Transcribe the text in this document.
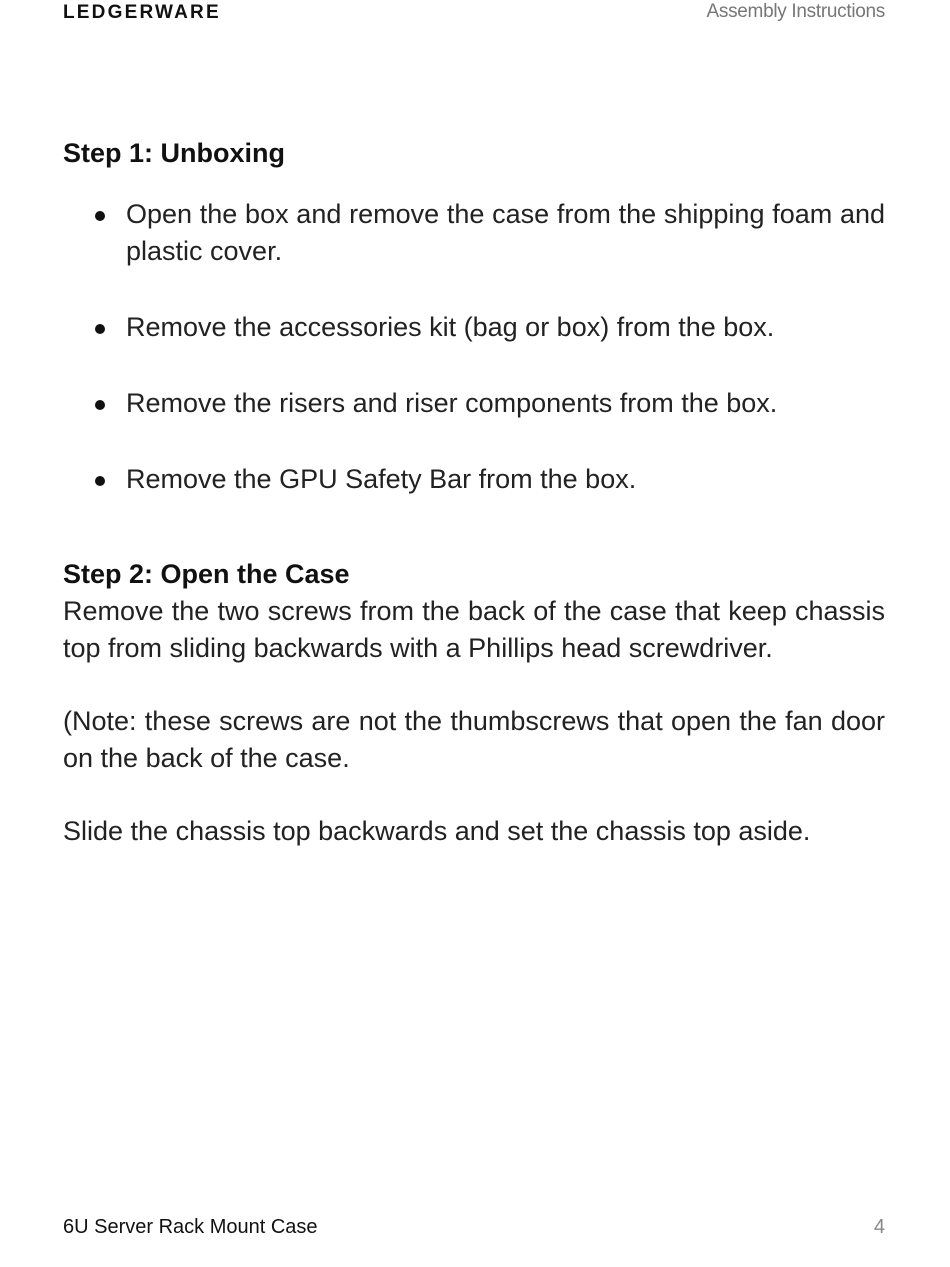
LEDGERWARE	Assembly Instructions
Step 1: Unboxing
Open the box and remove the case from the shipping foam and plastic cover.
Remove the accessories kit (bag or box) from the box.
Remove the risers and riser components from the box.
Remove the GPU Safety Bar from the box.
Step 2: Open the Case

Remove the two screws from the back of the case that keep chassis top from sliding backwards with a Phillips head screwdriver.

(Note: these screws are not the thumbscrews that open the fan door on the back of the case.

Slide the chassis top backwards and set the chassis top aside.

6U Server Rack Mount Case	4
